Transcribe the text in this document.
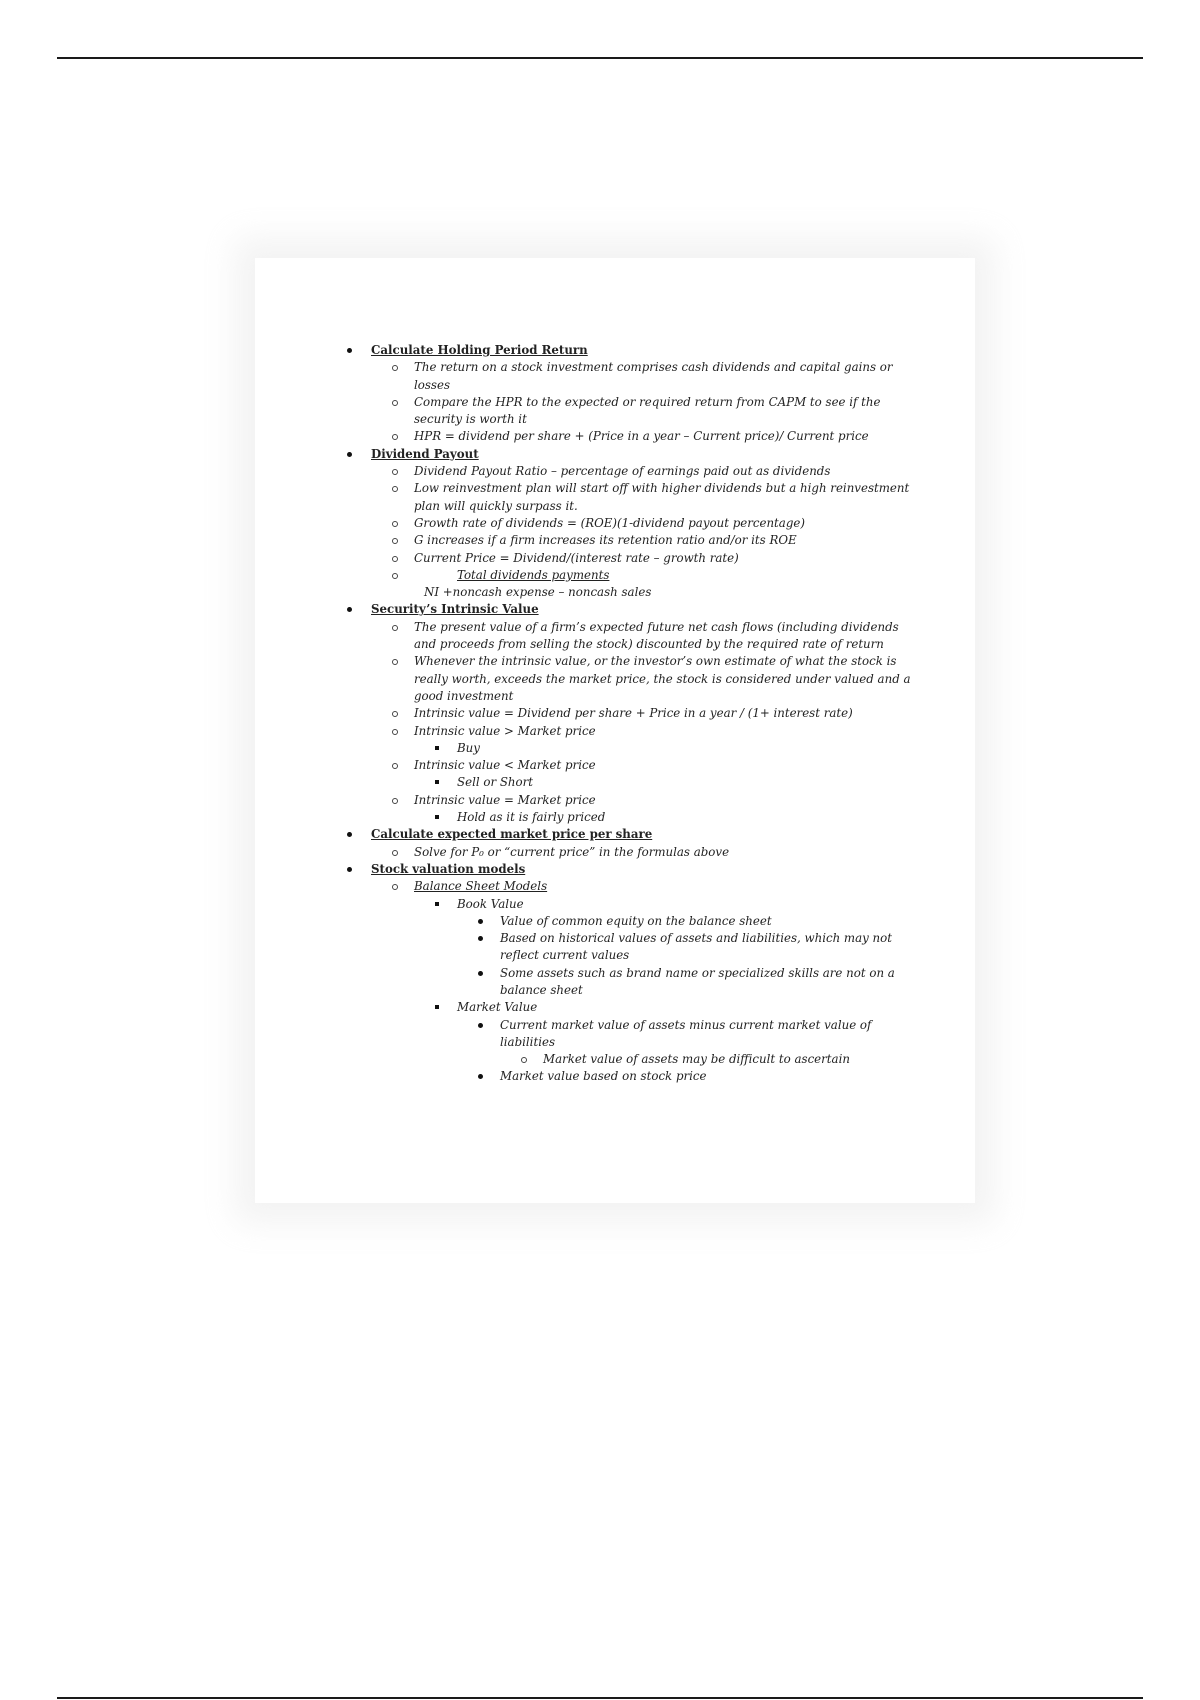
Calculate Holding Period Return
The return on a stock investment comprises cash dividends and capital gains or losses
Compare the HPR to the expected or required return from CAPM to see if the security is worth it
HPR = dividend per share + (Price in a year – Current price)/ Current price
Dividend Payout
Dividend Payout Ratio – percentage of earnings paid out as dividends
Low reinvestment plan will start off with higher dividends but a high reinvestment plan will quickly surpass it.
Growth rate of dividends = (ROE)(1-dividend payout percentage)
G increases if a firm increases its retention ratio and/or its ROE
Current Price = Dividend/(interest rate – growth rate)
Total dividends payments
NI +noncash expense – noncash sales
Security’s Intrinsic Value
The present value of a firm’s expected future net cash flows (including dividends and proceeds from selling the stock) discounted by the required rate of return
Whenever the intrinsic value, or the investor’s own estimate of what the stock is really worth, exceeds the market price, the stock is considered under valued and a good investment
Intrinsic value = Dividend per share + Price in a year / (1+ interest rate)
Intrinsic value > Market price
Buy
Intrinsic value < Market price
Sell or Short
Intrinsic value = Market price
Hold as it is fairly priced
Calculate expected market price per share
Solve for P₀ or “current price” in the formulas above
Stock valuation models
Balance Sheet Models
Book Value
Value of common equity on the balance sheet
Based on historical values of assets and liabilities, which may not reflect current values
Some assets such as brand name or specialized skills are not on a balance sheet
Market Value
Current market value of assets minus current market value of liabilities
Market value of assets may be difficult to ascertain
Market value based on stock price
